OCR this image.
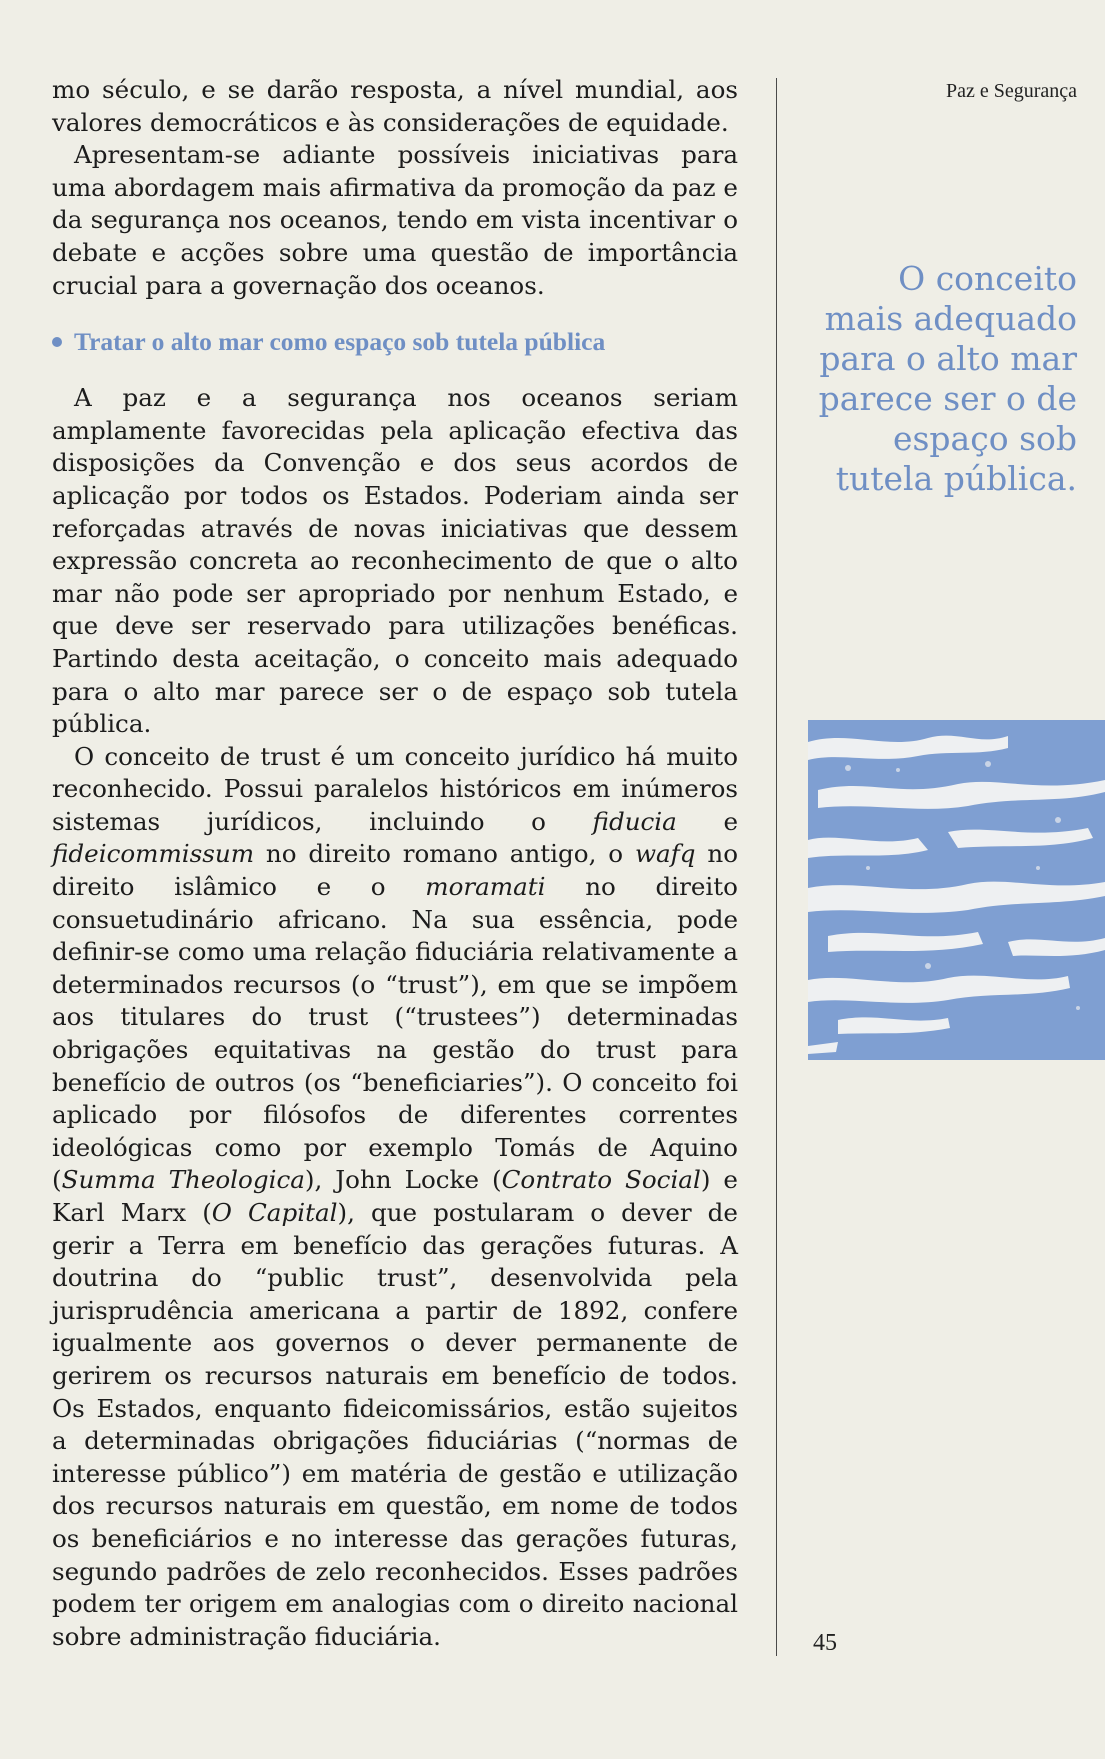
mo século, e se darão resposta, a nível mundial, aos valores democráticos e às considerações de equidade.

Apresentam-se adiante possíveis iniciativas para uma abordagem mais afirmativa da promoção da paz e da segurança nos oceanos, tendo em vista incentivar o debate e acções sobre uma questão de importância crucial para a governação dos oceanos.

Tratar o alto mar como espaço sob tutela pública

A paz e a segurança nos oceanos seriam amplamente favorecidas pela aplicação efectiva das disposições da Convenção e dos seus acordos de aplicação por todos os Estados. Poderiam ainda ser reforçadas através de novas iniciativas que dessem expressão concreta ao reconhecimento de que o alto mar não pode ser apropriado por nenhum Estado, e que deve ser reservado para utilizações benéficas. Partindo desta aceitação, o conceito mais adequado para o alto mar parece ser o de espaço sob tutela pública.

O conceito de trust é um conceito jurídico há muito reconhecido. Possui paralelos históricos em inúmeros sistemas jurídicos, incluindo o fiducia e fideicommissum no direito romano antigo, o wafq no direito islâmico e o moramati no direito consuetudinário africano. Na sua essência, pode definir-se como uma relação fiduciária relativamente a determinados recursos (o “trust”), em que se impõem aos titulares do trust (“trustees”) determinadas obrigações equitativas na gestão do trust para benefício de outros (os “beneficiaries”). O conceito foi aplicado por filósofos de diferentes correntes ideológicas como por exemplo Tomás de Aquino (Summa Theologica), John Locke (Contrato Social) e Karl Marx (O Capital), que postularam o dever de gerir a Terra em benefício das gerações futuras. A doutrina do “public trust”, desenvolvida pela jurisprudência americana a partir de 1892, confere igualmente aos governos o dever permanente de gerirem os recursos naturais em benefício de todos. Os Estados, enquanto fideicomissários, estão sujeitos a determinadas obrigações fiduciárias (“normas de interesse público”) em matéria de gestão e utilização dos recursos naturais em questão, em nome de todos os beneficiários e no interesse das gerações futuras, segundo padrões de zelo reconhecidos. Esses padrões podem ter origem em analogias com o direito nacional sobre administração fiduciária.

Paz e Segurança
O conceito mais adequado para o alto mar parece ser o de espaço sob tutela pública.
45
